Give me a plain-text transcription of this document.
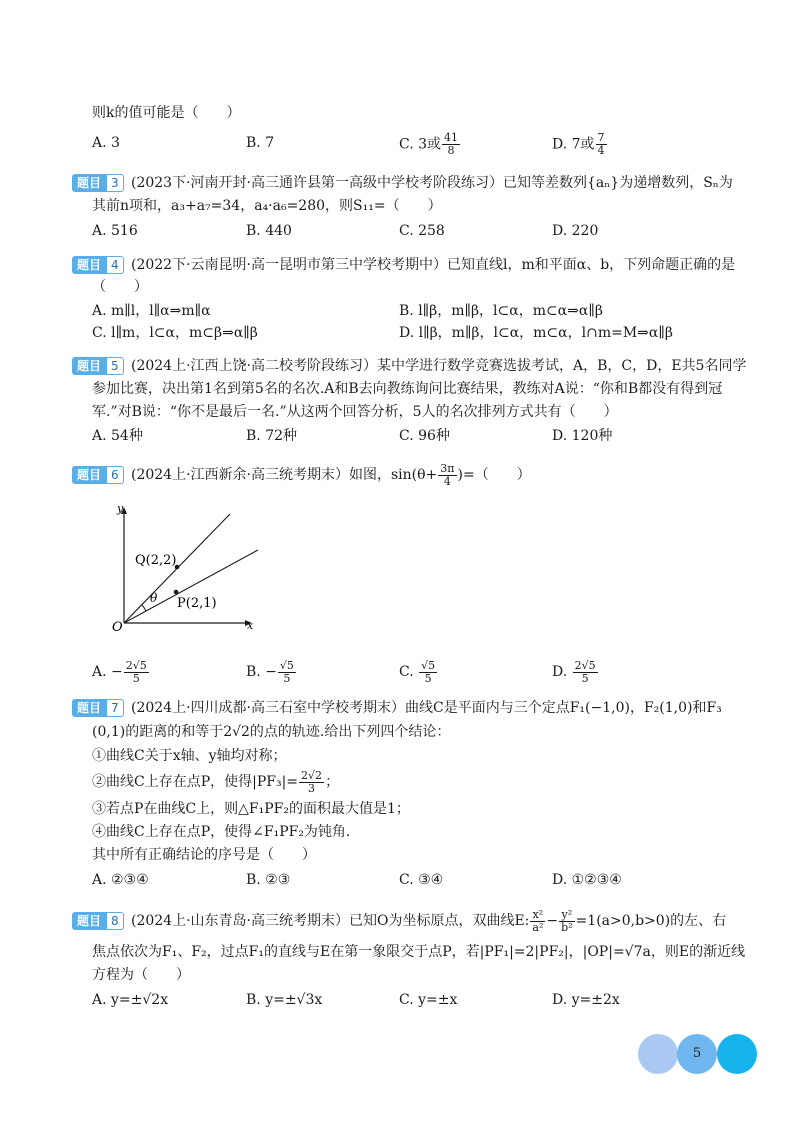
则k的值可能是（　　）
A. 3	B. 7	C. 3或 $\frac{41}{8}$	D. 7或 $\frac{7}{4}$
题目 3 (2023下·河南开封·高三通许县第一高级中学校考阶段练习）已知等差数列{aₙ}为递增数列，Sₙ为
其前n项和，a₃+a₇=34，a₄·a₆=280，则S₁₁=（　　）
A. 516	B. 440	C. 258	D. 220
题目 4 (2022下·云南昆明·高一昆明市第三中学校考期中）已知直线l，m和平面α、b，下列命题正确的是
（　　）
A. m∥l，l∥α⇒m∥α	B. l∥β，m∥β，l⊂α，m⊂α⇒α∥β
C. l∥m，l⊂α，m⊂β⇒α∥β	D. l∥β，m∥β，l⊂α，m⊂α，l∩m=M⇒α∥β
题目 5 (2024上·江西上饶·高二校考阶段练习）某中学进行数学竞赛选拔考试，A，B，C，D，E共5名同学
参加比赛，决出第1名到第5名的名次.A和B去向教练询问比赛结果，教练对A说：“你和B都没有得到冠
军.”对B说：“你不是最后一名.”从这两个回答分析，5人的名次排列方式共有（　　）
A. 54种	B. 72种	C. 96种	D. 120种
题目 6 (2024上·江西新余·高三统考期末）如图，$\sin(\theta+ \frac{3\pi}{4}$ )=（　　）
y
x
O
Q(2,2)
P(2,1)
θ
A. − $\frac{2√5}{5}$	B. − $\frac{√5}{5}$	C. $\frac{√5}{5}$	D. $\frac{2√5}{5}$
题目 7 (2024上·四川成都·高三石室中学校考期末）曲线C是平面内与三个定点F₁(−1,0)，F₂(1,0)和F₃
(0,1)的距离的和等于2√2的点的轨迹.给出下列四个结论：
①曲线C关于x轴、y轴均对称；
②曲线C上存在点P，使得$|PF_3|= \frac{2√2}{3}$ ；
③若点P在曲线C上，则△F₁PF₂的面积最大值是1；
④曲线C上存在点P，使得∠F₁PF₂为钝角.
其中所有正确结论的序号是（　　）
A. ②③④	B. ②③	C. ③④	D. ①②③④
题目 8 (2024上·山东青岛·高三统考期末）已知O为坐标原点，双曲线E: $\frac{\text{x²}}{\text{a²}} - \frac{\text{y²}}{\text{b²}} =1(a>0,b>0)$的左、右
焦点依次为F₁、F₂，过点F₁的直线与E在第一象限交于点P，若|PF₁|=2|PF₂|，|OP|=√7a，则E的渐近线
方程为（　　）
A. y=±√2x	B. y=±√3x	C. y=±x	D. y=±2x
5
